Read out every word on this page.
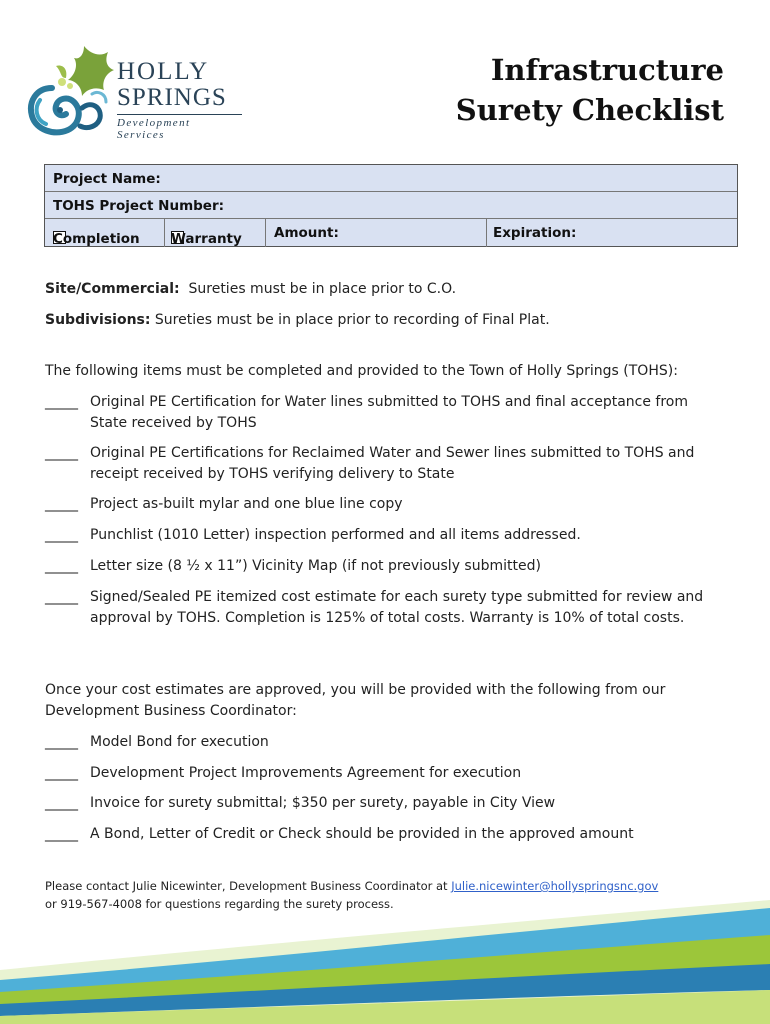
HOLLY
SPRINGS
Development Services
Infrastructure
Surety Checklist
Project Name:
TOHS Project Number:
Completion Warranty Amount:	Expiration:
Site/Commercial: Sureties must be in place prior to C.O.
Subdivisions: Sureties must be in place prior to recording of Final Plat.
The following items must be completed and provided to the Town of Holly Springs (TOHS):
_____ Original PE Certification for Water lines submitted to TOHS and final acceptance from State received by TOHS
_____ Original PE Certifications for Reclaimed Water and Sewer lines submitted to TOHS and receipt received by TOHS verifying delivery to State
_____ Project as-built mylar and one blue line copy
_____ Punchlist (1010 Letter) inspection performed and all items addressed.
_____ Letter size (8 ½ x 11”) Vicinity Map (if not previously submitted)
_____ Signed/Sealed PE itemized cost estimate for each surety type submitted for review and approval by TOHS. Completion is 125% of total costs. Warranty is 10% of total costs.
Once your cost estimates are approved, you will be provided with the following from our Development Business Coordinator:
_____ Model Bond for execution
_____ Development Project Improvements Agreement for execution
_____ Invoice for surety submittal; $350 per surety, payable in City View
_____ A Bond, Letter of Credit or Check should be provided in the approved amount
Please contact Julie Nicewinter, Development Business Coordinator at Julie.nicewinter@hollyspringsnc.gov
or 919-567-4008 for questions regarding the surety process.
